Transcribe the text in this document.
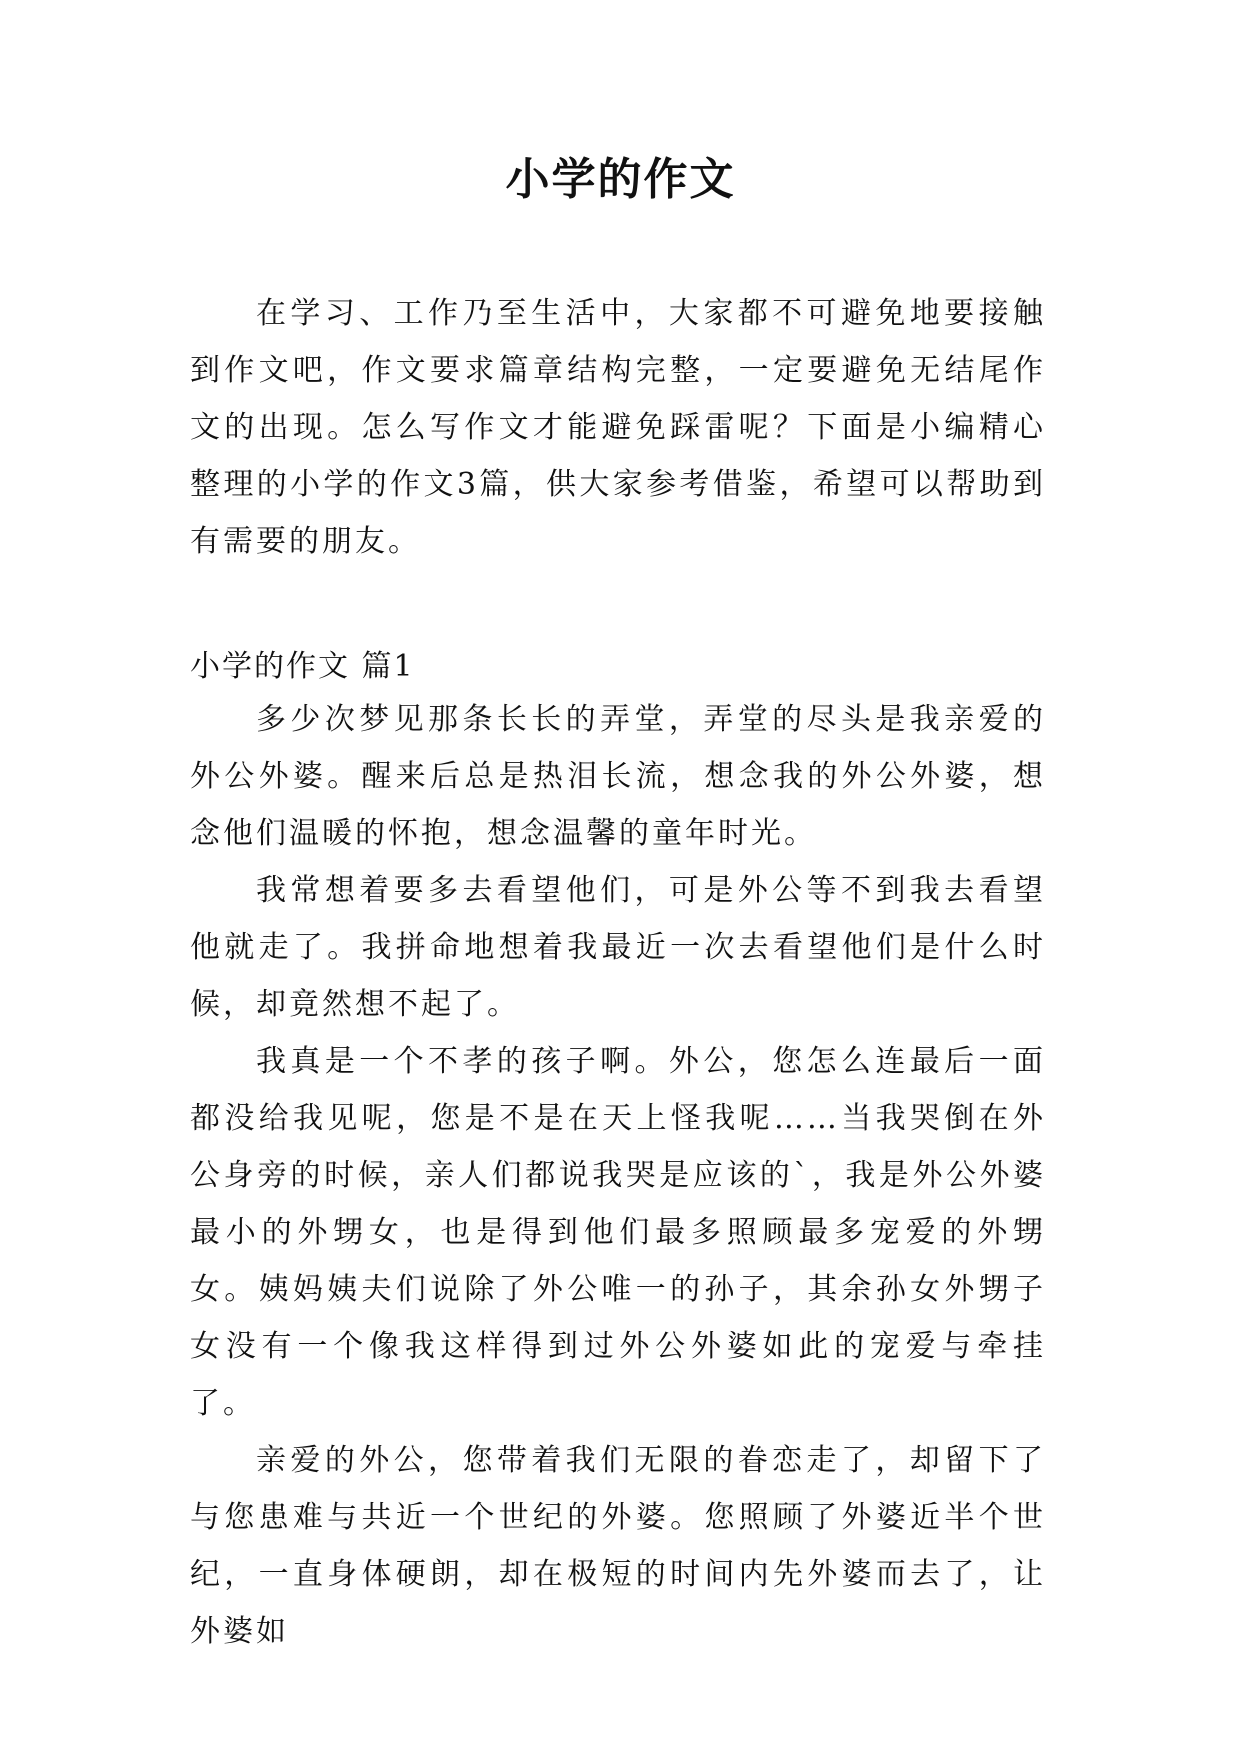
小学的作文

在学习、工作乃至生活中，大家都不可避免地要接触到作文吧，作文要求篇章结构完整，一定要避免无结尾作文的出现。怎么写作文才能避免踩雷呢？下面是小编精心整理的小学的作文3篇，供大家参考借鉴，希望可以帮助到有需要的朋友。

小学的作文 篇1

多少次梦见那条长长的弄堂，弄堂的尽头是我亲爱的外公外婆。醒来后总是热泪长流，想念我的外公外婆，想念他们温暖的怀抱，想念温馨的童年时光。

我常想着要多去看望他们，可是外公等不到我去看望他就走了。我拼命地想着我最近一次去看望他们是什么时候，却竟然想不起了。

我真是一个不孝的孩子啊。外公，您怎么连最后一面都没给我见呢，您是不是在天上怪我呢……当我哭倒在外公身旁的时候，亲人们都说我哭是应该的`，我是外公外婆最小的外甥女，也是得到他们最多照顾最多宠爱的外甥女。姨妈姨夫们说除了外公唯一的孙子，其余孙女外甥子女没有一个像我这样得到过外公外婆如此的宠爱与牵挂了。

亲爱的外公，您带着我们无限的眷恋走了，却留下了与您患难与共近一个世纪的外婆。您照顾了外婆近半个世纪，一直身体硬朗，却在极短的时间内先外婆而去了，让外婆如
